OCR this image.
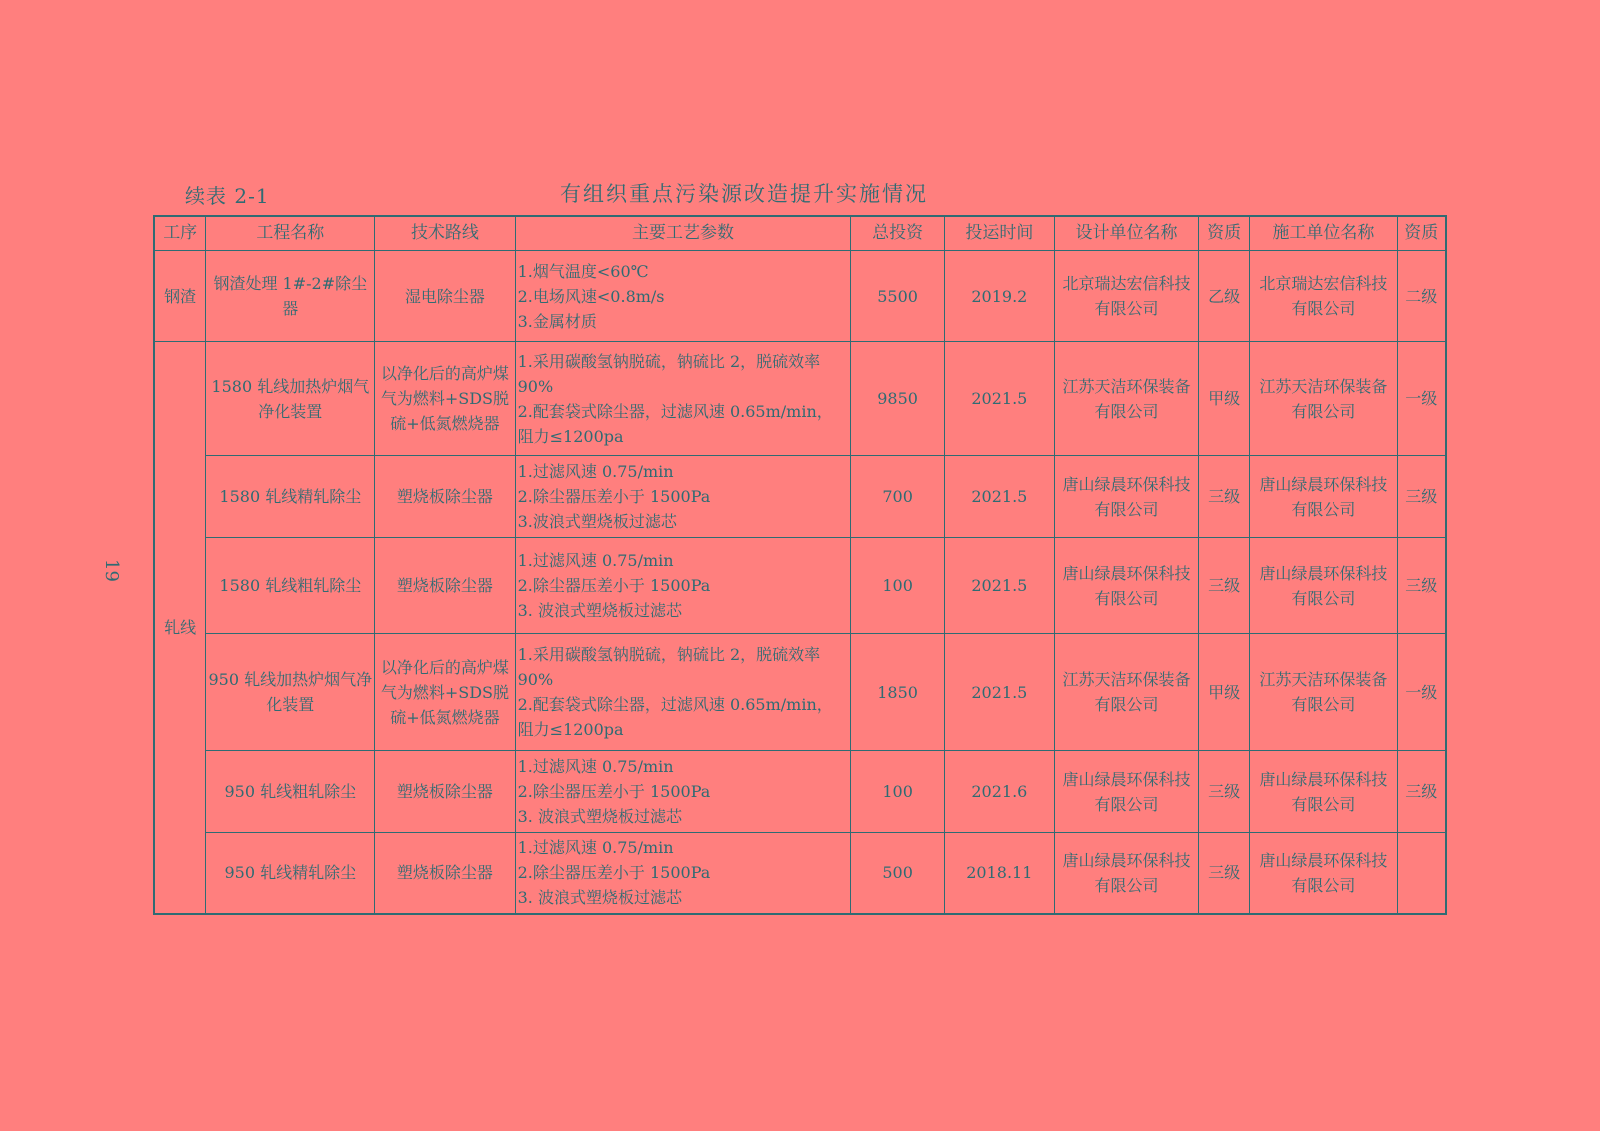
续表 2-1	有组织重点污染源改造提升实施情况
19
工序	工程名称	技术路线	主要工艺参数	总投资	投运时间	设计单位名称	资质	施工单位名称	资质
钢渣	钢渣处理 1#-2#除尘器	湿电除尘器	1.烟气温度<60℃
2.电场风速<0.8m/s
3.金属材质	5500	2019.2	北京瑞达宏信科技有限公司	乙级	北京瑞达宏信科技有限公司	二级
轧线	1580 轧线加热炉烟气净化装置	以净化后的高炉煤气为燃料+SDS脱硫+低氮燃烧器	1.采用碳酸氢钠脱硫，钠硫比 2，脱硫效率
90%
2.配套袋式除尘器，过滤风速 0.65m/min，
阻力≤1200pa	9850	2021.5	江苏天洁环保装备有限公司	甲级	江苏天洁环保装备有限公司	一级
	1580 轧线精轧除尘	塑烧板除尘器	1.过滤风速 0.75/min
2.除尘器压差小于 1500Pa
3.波浪式塑烧板过滤芯	700	2021.5	唐山绿晨环保科技有限公司	三级	唐山绿晨环保科技有限公司	三级
	1580 轧线粗轧除尘	塑烧板除尘器	1.过滤风速 0.75/min
2.除尘器压差小于 1500Pa
3. 波浪式塑烧板过滤芯	100	2021.5	唐山绿晨环保科技有限公司	三级	唐山绿晨环保科技有限公司	三级
	950 轧线加热炉烟气净化装置	以净化后的高炉煤气为燃料+SDS脱硫+低氮燃烧器	1.采用碳酸氢钠脱硫，钠硫比 2，脱硫效率
90%
2.配套袋式除尘器，过滤风速 0.65m/min，
阻力≤1200pa	1850	2021.5	江苏天洁环保装备有限公司	甲级	江苏天洁环保装备有限公司	一级
	950 轧线粗轧除尘	塑烧板除尘器	1.过滤风速 0.75/min
2.除尘器压差小于 1500Pa
3. 波浪式塑烧板过滤芯	100	2021.6	唐山绿晨环保科技有限公司	三级	唐山绿晨环保科技有限公司	三级
	950 轧线精轧除尘	塑烧板除尘器	1.过滤风速 0.75/min
2.除尘器压差小于 1500Pa
3. 波浪式塑烧板过滤芯	500	2018.11	唐山绿晨环保科技有限公司	三级	唐山绿晨环保科技有限公司	
